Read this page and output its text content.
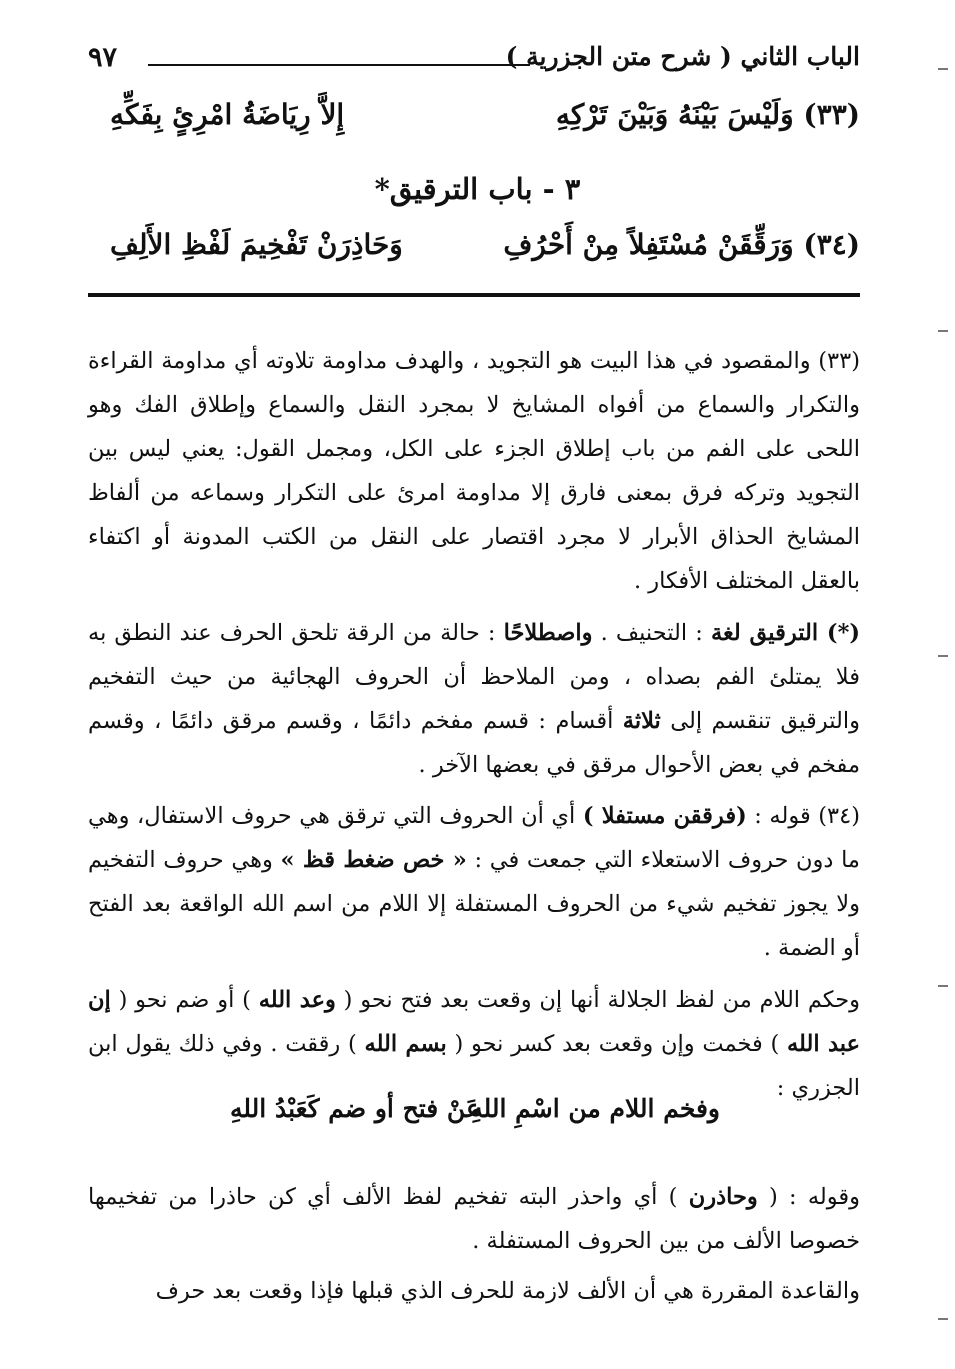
الباب الثاني ( شرح متن الجزرية )
٩٧
(٣٣) وَلَيْسَ بَيْنَهُ وَبَيْنَ تَرْكِهِ
إِلاَّ رِيَاضَةُ امْرِئٍ بِفَكِّهِ
٣ - باب الترقيق*
(٣٤) وَرَقِّقَنْ مُسْتَفِلاً مِنْ أَحْرُفِ
وَحَاذِرَنْ تَفْخِيمَ لَفْظِ الأَلِفِ

(٣٣) والمقصود في هذا البيت هو التجويد ، والهدف مداومة تلاوته أي مداومة القراءة والتكرار والسماع من أفواه المشايخ لا بمجرد النقل والسماع وإطلاق الفك وهو اللحى على الفم من باب إطلاق الجزء على الكل، ومجمل القول: يعني ليس بين التجويد وتركه فرق بمعنى فارق إلا مداومة امرئ على التكرار وسماعه من ألفاظ المشايخ الحذاق الأبرار لا مجرد اقتصار على النقل من الكتب المدونة أو اكتفاء بالعقل المختلف الأفكار .

(*) الترقيق لغة : التحنيف . واصطلاحًا : حالة من الرقة تلحق الحرف عند النطق به فلا يمتلئ الفم بصداه ، ومن الملاحظ أن الحروف الهجائية من حيث التفخيم والترقيق تنقسم إلى ثلاثة أقسام : قسم مفخم دائمًا ، وقسم مرقق دائمًا ، وقسم مفخم في بعض الأحوال مرقق في بعضها الآخر .

(٣٤) قوله : (فرققن مستفلا ) أي أن الحروف التي ترقق هي حروف الاستفال، وهي ما دون حروف الاستعلاء التي جمعت في : « خص ضغط قظ » وهي حروف التفخيم ولا يجوز تفخيم شيء من الحروف المستفلة إلا اللام من اسم الله الواقعة بعد الفتح أو الضمة .

وحكم اللام من لفظ الجلالة أنها إن وقعت بعد فتح نحو ( وعد الله ) أو ضم نحو ( إن عبد الله ) فخمت وإن وقعت بعد كسر نحو ( بسم الله ) رققت . وفي ذلك يقول ابن الجزري :

وفخم اللام من اسْمِ اللهِ
عَنْ فتح أو ضم كَعَبْدُ اللهِ

وقوله : ( وحاذرن ) أي واحذر البته تفخيم لفظ الألف أي كن حاذرا من تفخيمها خصوصا الألف من بين الحروف المستفلة .

والقاعدة المقررة هي أن الألف لازمة للحرف الذي قبلها فإذا وقعت بعد حرف
